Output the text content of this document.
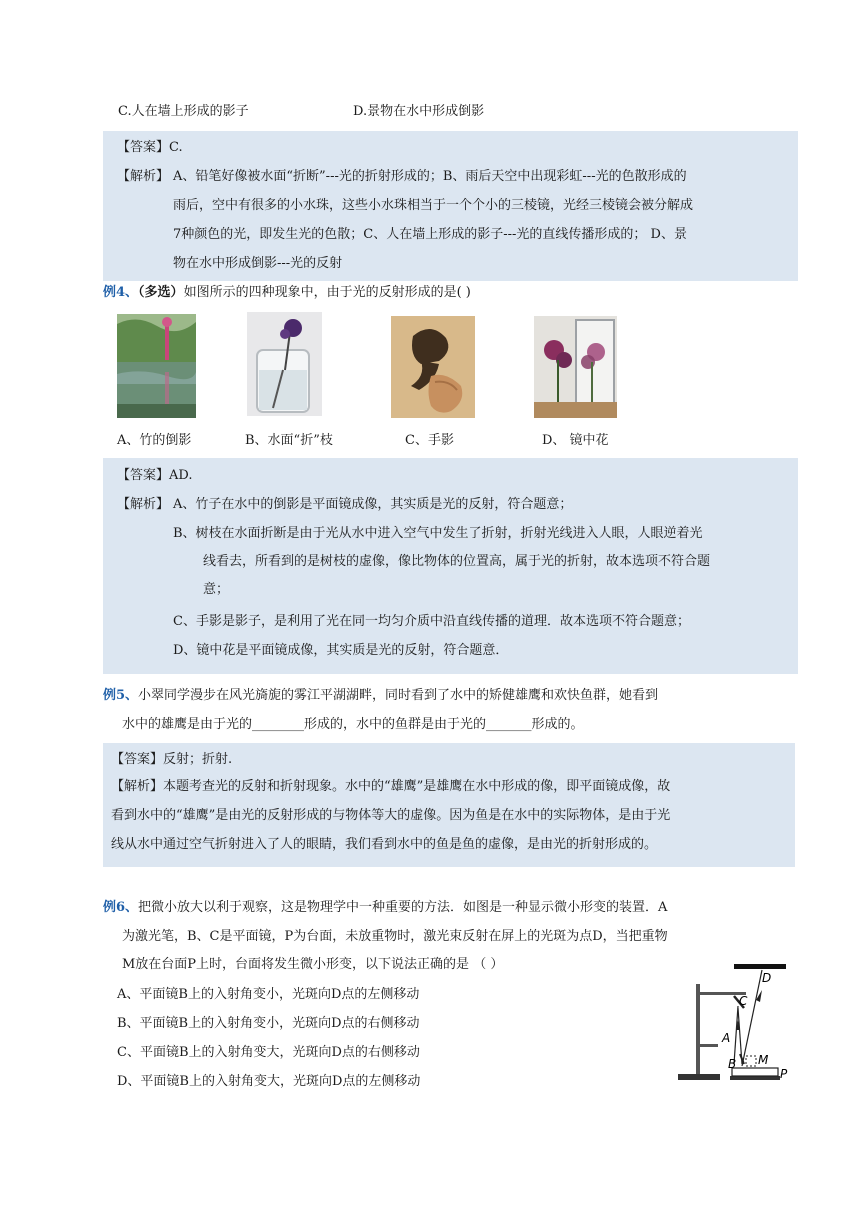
C.人在墙上形成的影子	D.景物在水中形成倒影
【答案】C.
【解析】 A、铅笔好像被水面“折断”---光的折射形成的；B、雨后天空中出现彩虹---光的色散形成的
雨后，空中有很多的小水珠，这些小水珠相当于一个个小的三棱镜，光经三棱镜会被分解成
7种颜色的光，即发生光的色散；C、人在墙上形成的影子---光的直线传播形成的； D、景
物在水中形成倒影---光的反射
例4、（多选）如图所示的四种现象中，由于光的反射形成的是( )
A、竹的倒影	B、水面“折”枝	C、手影	D、 镜中花
【答案】AD.
【解析】 A、竹子在水中的倒影是平面镜成像，其实质是光的反射，符合题意；
B、树枝在水面折断是由于光从水中进入空气中发生了折射，折射光线进入人眼，人眼逆着光
线看去，所看到的是树枝的虚像，像比物体的位置高，属于光的折射，故本选项不符合题
意；
C、手影是影子，是利用了光在同一均匀介质中沿直线传播的道理．故本选项不符合题意；
D、镜中花是平面镜成像，其实质是光的反射，符合题意．
例5、小翠同学漫步在风光旖旎的雾江平湖湖畔，同时看到了水中的矫健雄鹰和欢快鱼群，她看到
水中的雄鹰是由于光的________形成的，水中的鱼群是由于光的_______形成的。
【答案】反射；折射.
【解析】本题考查光的反射和折射现象。水中的“雄鹰”是雄鹰在水中形成的像，即平面镜成像，故
看到水中的“雄鹰”是由光的反射形成的与物体等大的虚像。因为鱼是在水中的实际物体，是由于光
线从水中通过空气折射进入了人的眼睛，我们看到水中的鱼是鱼的虚像，是由光的折射形成的。
例6、把微小放大以利于观察，这是物理学中一种重要的方法．如图是一种显示微小形变的装置．A
为激光笔，B、C是平面镜，P为台面，未放重物时，激光束反射在屏上的光斑为点D，当把重物
M放在台面P上时，台面将发生微小形变，以下说法正确的是 （ ）
A、平面镜B上的入射角变小，光斑向D点的左侧移动
B、平面镜B上的入射角变小，光斑向D点的右侧移动
C、平面镜B上的入射角变大，光斑向D点的右侧移动
D、平面镜B上的入射角变大，光斑向D点的左侧移动
D
C
A
B M
P
